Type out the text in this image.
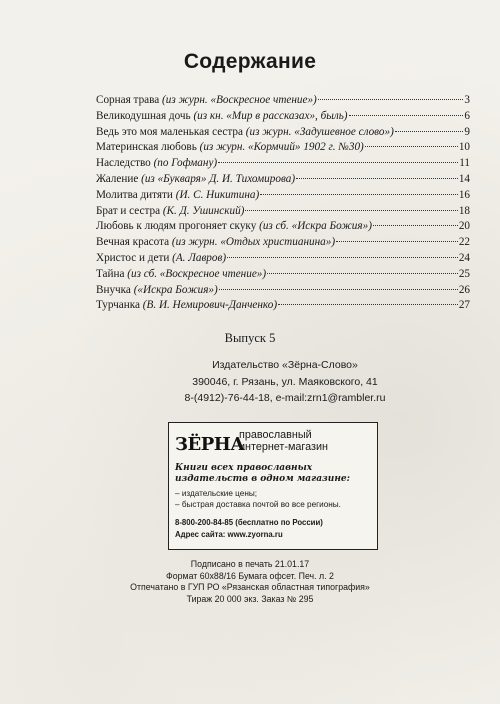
Содержание
Сорная трава (из журн. «Воскресное чтение»)	3
Великодушная дочь (из кн. «Мир в рассказах», быль)	6
Ведь это моя маленькая сестра (из журн. «Задушевное слово»)	9
Материнская любовь (из журн. «Кормчий» 1902 г. №30)	10
Наследство (по Гофману)	11
Жаление (из «Букваря» Д. И. Тихомирова)	14
Молитва дитяти (И. С. Никитина)	16
Брат и сестра (К. Д. Ушинский)	18
Любовь к людям прогоняет скуку (из сб. «Искра Божия»)	20
Вечная красота (из журн. «Отдых христианина»)	22
Христос и дети (А. Лавров)	24
Тайна (из сб. «Воскресное чтение»)	25
Внучка («Искра Божия»)	26
Турчанка (В. И. Немирович-Данченко)	27
Выпуск 5
Издательство «Зёрна-Слово»
390046, г. Рязань, ул. Маяковского, 41
8-(4912)-76-44-18, e-mail:zrn1@rambler.ru
ЗЁРНА
православный
интернет-магазин
Книги всех православных
издательств в одном магазине:
– издательские цены;
– быстрая доставка почтой во все регионы.
8-800-200-84-85 (бесплатно по России)
Адрес сайта: www.zyorna.ru
Подписано в печать 21.01.17
Формат 60х88/16 Бумага офсет. Печ. л. 2
Отпечатано в ГУП РО «Рязанская областная типография»
Тираж 20 000 экз. Заказ № 295
